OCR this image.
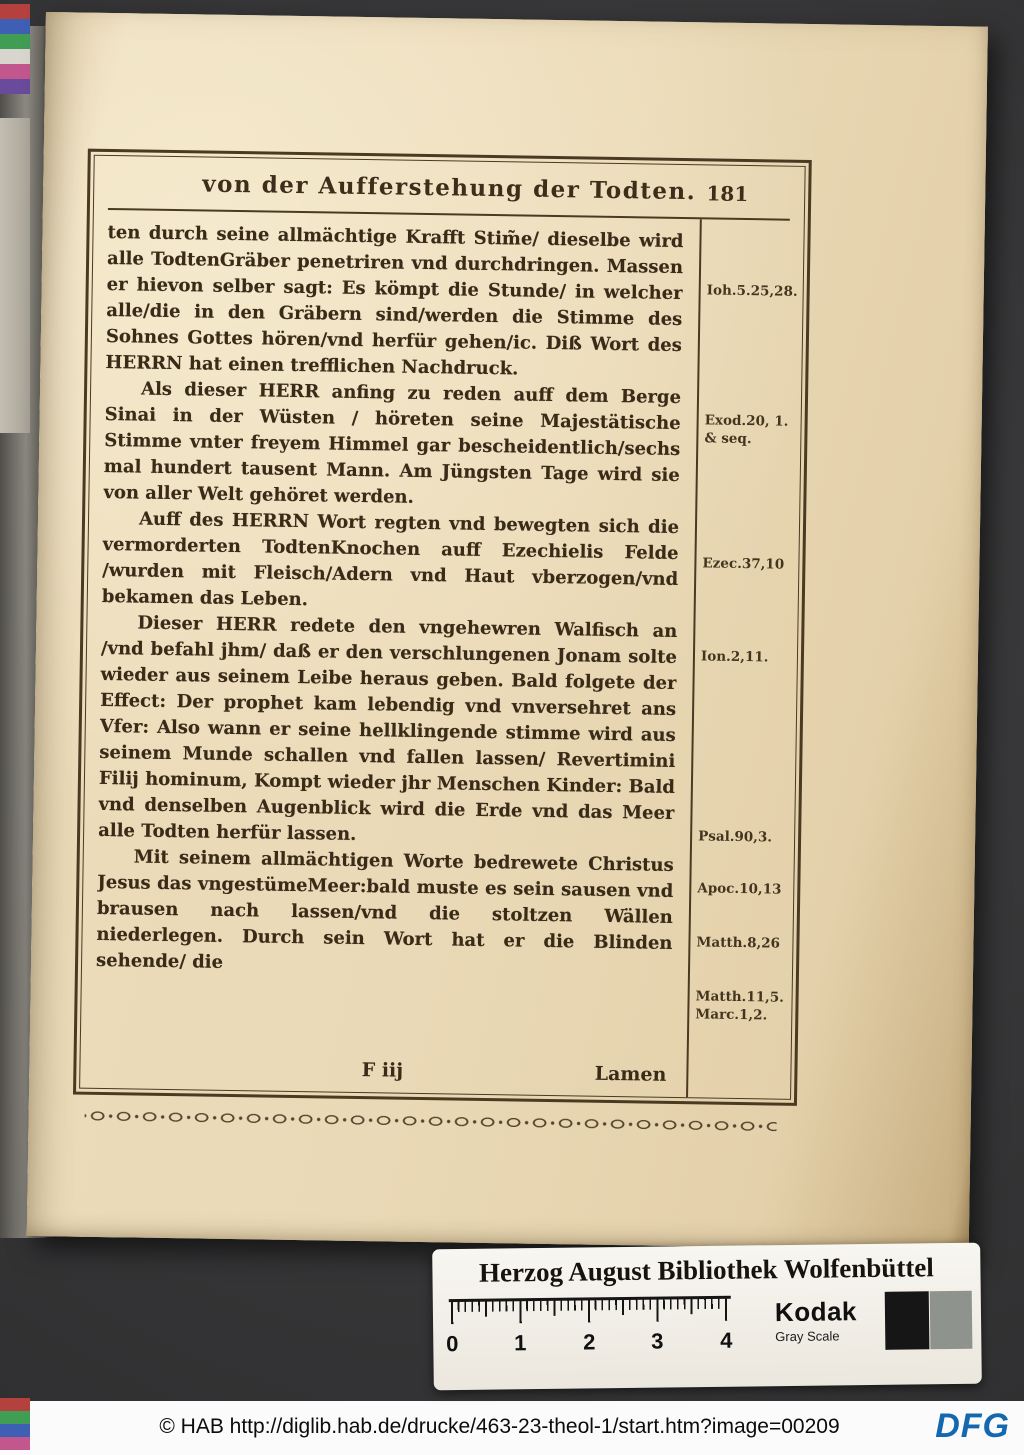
von der Aufferstehung der Todten. 181

ten durch seine allmächtige Krafft Stim̃e/ dieselbe wird alle TodtenGräber penetriren vnd durchdringen. Massen er hievon selber sagt: Es kömpt die Stunde/ in welcher alle/die in den Gräbern sind/werden die Stimme des Sohnes Gottes hören/vnd herfür gehen/ic. Diß Wort des HERRN hat einen trefflichen Nachdruck.

Als dieser HERR anfing zu reden auff dem Berge Sinai in der Wüsten / höreten seine Majestätische Stimme vnter freyem Himmel gar bescheidentlich/sechs mal hundert tausent Mann. Am Jüngsten Tage wird sie von aller Welt gehöret werden.

Auff des HERRN Wort regten vnd bewegten sich die vermorderten TodtenKnochen auff Ezechielis Felde /wurden mit Fleisch/Adern vnd Haut vberzogen/vnd bekamen das Leben.

Dieser HERR redete den vngehewren Walfisch an /vnd befahl jhm/ daß er den verschlungenen Jonam solte wieder aus seinem Leibe heraus geben. Bald folgete der Effect: Der prophet kam lebendig vnd vnversehret ans Vfer: Also wann er seine hellklingende stimme wird aus seinem Munde schallen vnd fallen lassen/ Revertimini Filij hominum, Kompt wieder jhr Menschen Kinder: Bald vnd denselben Augenblick wird die Erde vnd das Meer alle Todten herfür lassen.

Mit seinem allmächtigen Worte bedrewete Christus Jesus das vngestümeMeer:bald muste es sein sausen vnd brausen nach lassen/vnd die stoltzen Wällen niederlegen. Durch sein Wort hat er die Blinden sehende/ die

Ioh.5.25,28.
Exod.20, 1. & seq.
Ezec.37,10
Ion.2,11.
Psal.90,3.
Apoc.10,13
Matth.8,26
Matth.11,5. Marc.1,2.
F iij	Lamen
Herzog August Bibliothek Wolfenbüttel
0	1	2	3	4
Kodak
Gray Scale
© HAB http://diglib.hab.de/drucke/463-23-theol-1/start.htm?image=00209	DFG
